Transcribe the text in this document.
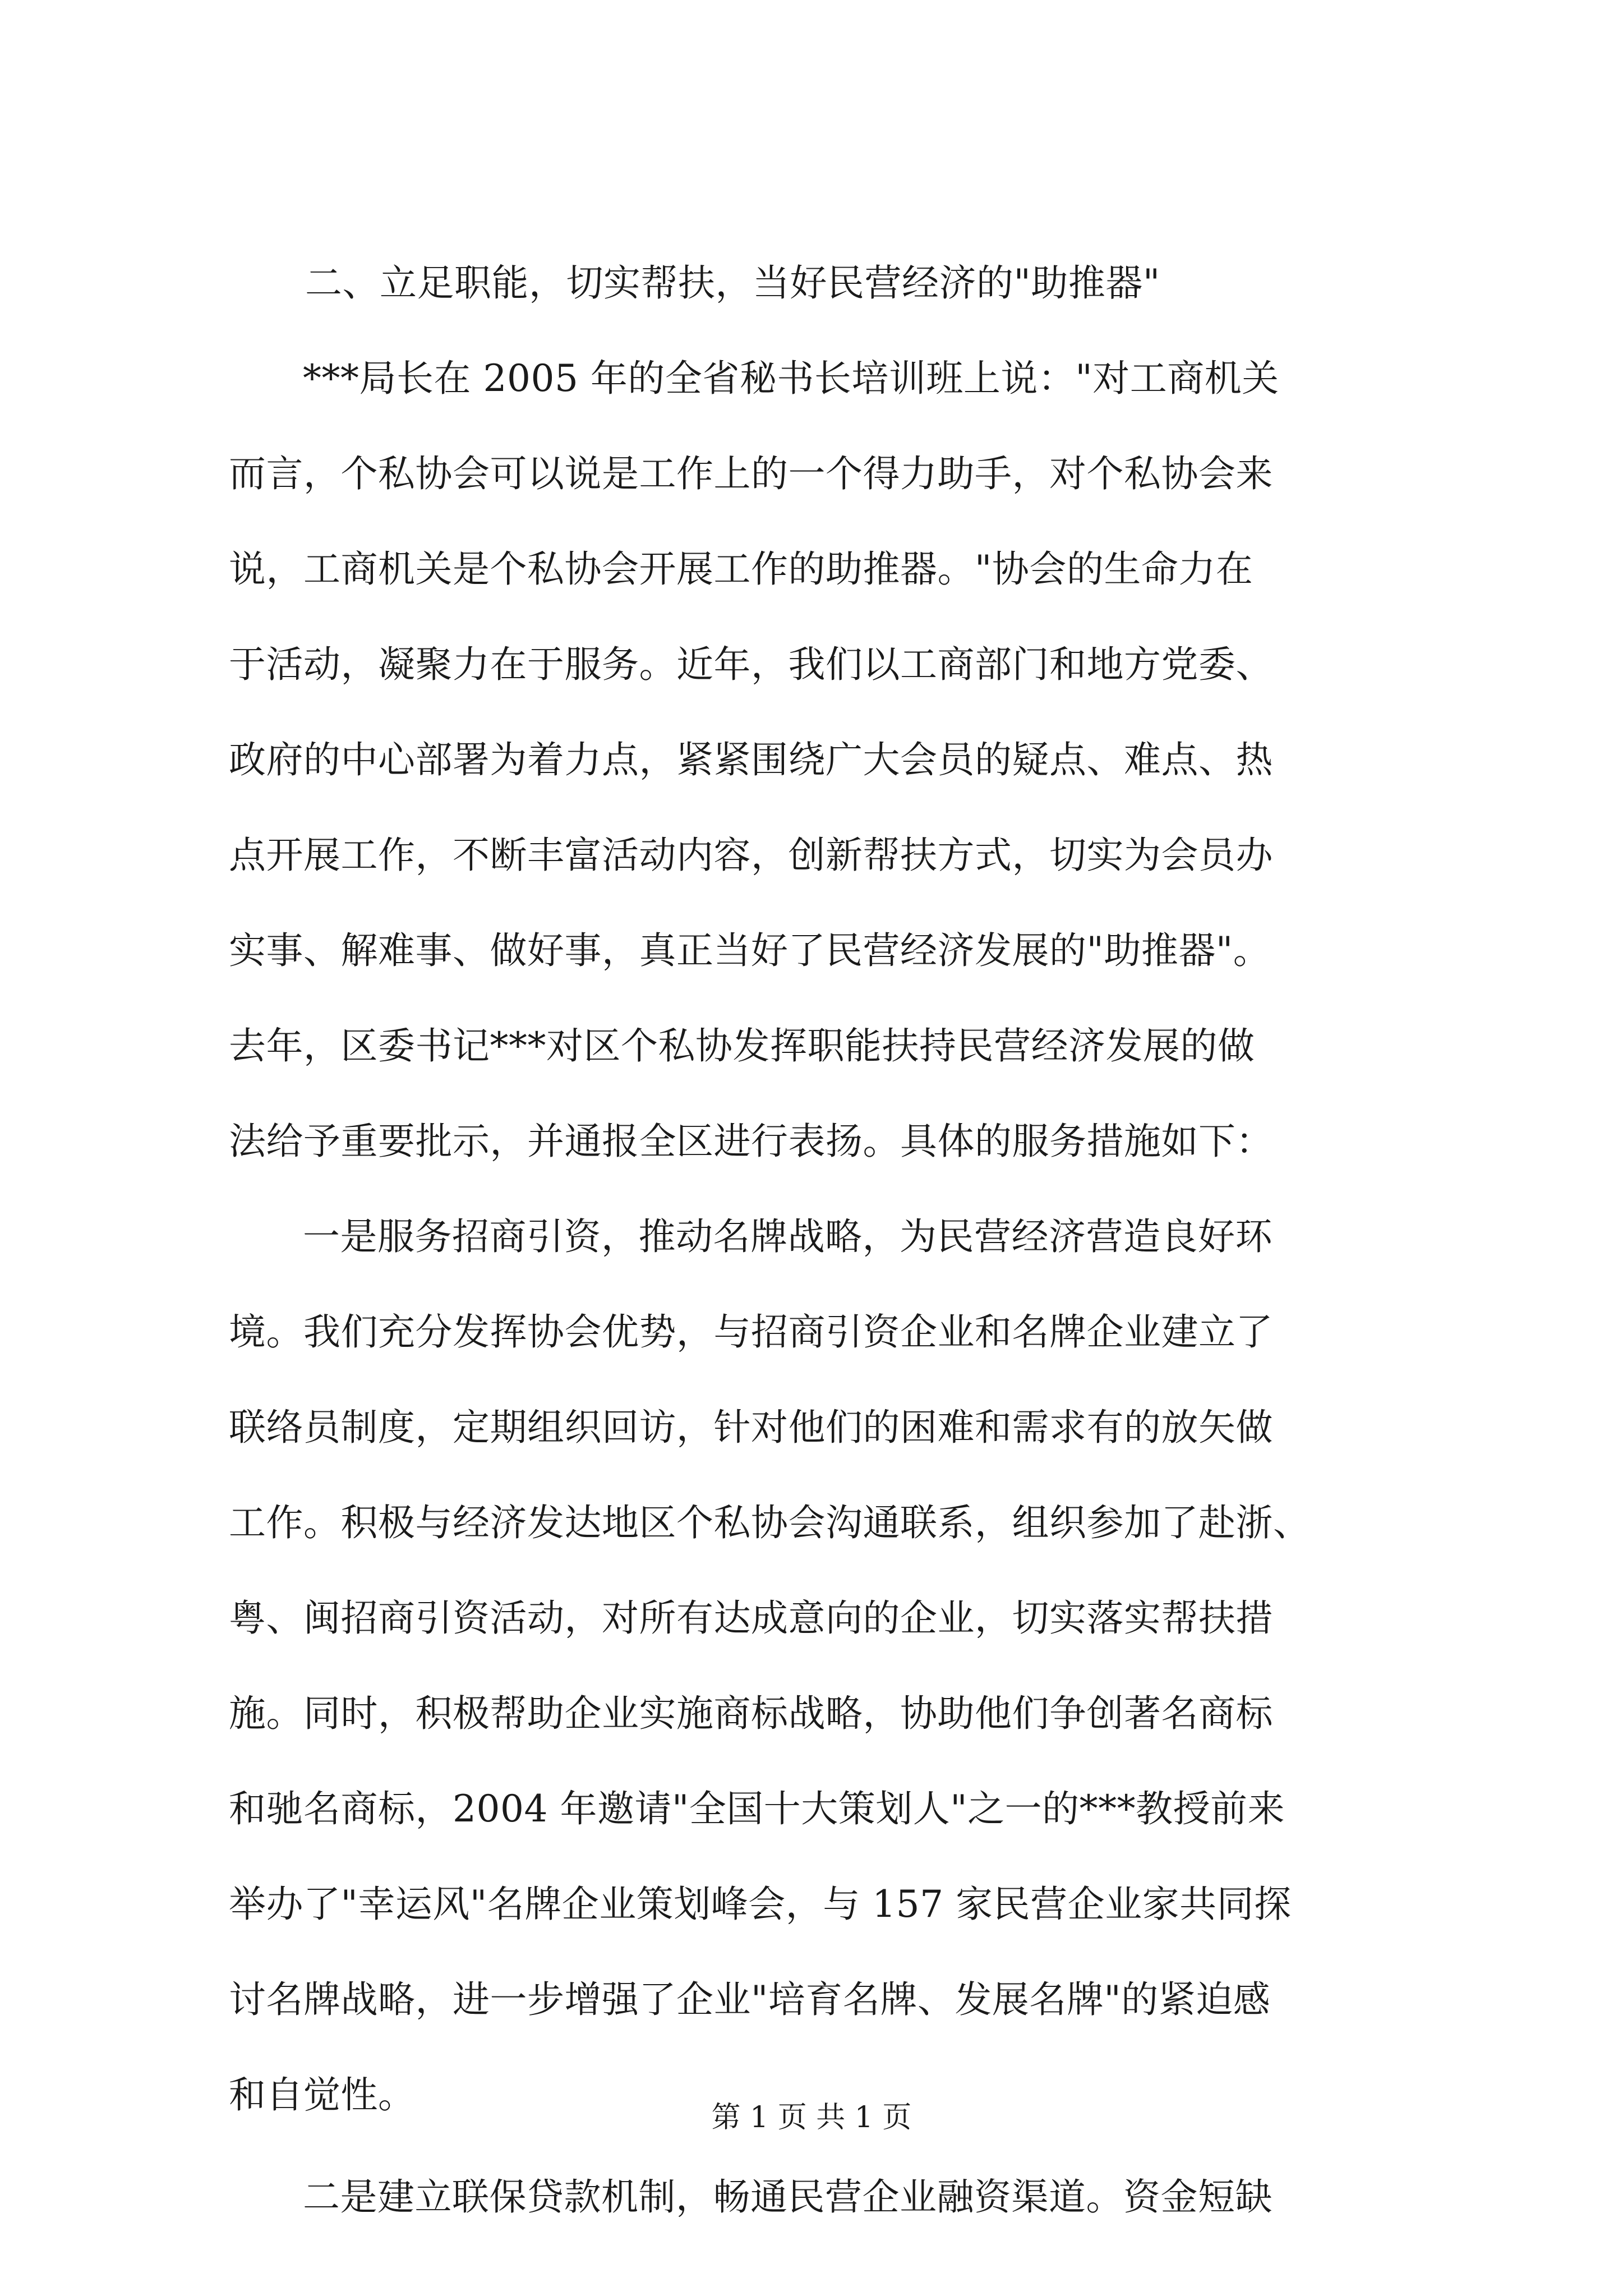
二、立足职能，切实帮扶，当好民营经济的"助推器"
***局长在 2005 年的全省秘书长培训班上说："对工商机关
而言，个私协会可以说是工作上的一个得力助手，对个私协会来
说，工商机关是个私协会开展工作的助推器。"协会的生命力在
于活动，凝聚力在于服务。近年，我们以工商部门和地方党委、
政府的中心部署为着力点，紧紧围绕广大会员的疑点、难点、热
点开展工作，不断丰富活动内容，创新帮扶方式，切实为会员办
实事、解难事、做好事，真正当好了民营经济发展的"助推器"。
去年，区委书记***对区个私协发挥职能扶持民营经济发展的做
法给予重要批示，并通报全区进行表扬。具体的服务措施如下：
一是服务招商引资，推动名牌战略，为民营经济营造良好环
境。我们充分发挥协会优势，与招商引资企业和名牌企业建立了
联络员制度，定期组织回访，针对他们的困难和需求有的放矢做
工作。积极与经济发达地区个私协会沟通联系，组织参加了赴浙、
粤、闽招商引资活动，对所有达成意向的企业，切实落实帮扶措
施。同时，积极帮助企业实施商标战略，协助他们争创著名商标
和驰名商标，2004 年邀请"全国十大策划人"之一的***教授前来
举办了"幸运风"名牌企业策划峰会，与 157 家民营企业家共同探
讨名牌战略，进一步增强了企业"培育名牌、发展名牌"的紧迫感
和自觉性。
二是建立联保贷款机制，畅通民营企业融资渠道。资金短缺
第 1 页 共 1 页
